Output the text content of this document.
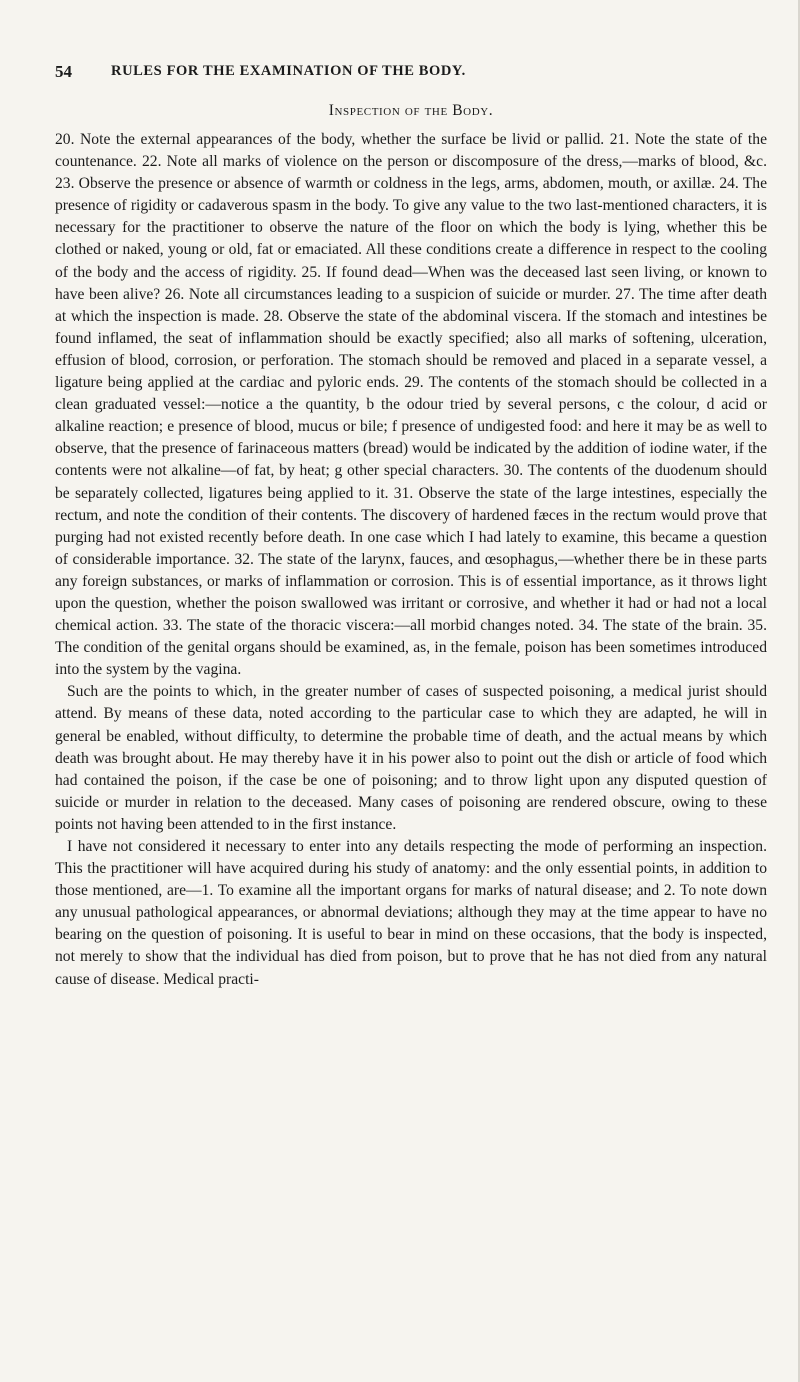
54	RULES FOR THE EXAMINATION OF THE BODY.
Inspection of the Body.

20. Note the external appearances of the body, whether the surface be livid or pallid. 21. Note the state of the countenance. 22. Note all marks of violence on the person or discomposure of the dress,—marks of blood, &c. 23. Observe the presence or absence of warmth or coldness in the legs, arms, abdomen, mouth, or axillæ. 24. The presence of rigidity or cadaverous spasm in the body. To give any value to the two last-mentioned characters, it is necessary for the practitioner to observe the nature of the floor on which the body is lying, whether this be clothed or naked, young or old, fat or emaciated. All these conditions create a difference in respect to the cooling of the body and the access of rigidity. 25. If found dead—When was the deceased last seen living, or known to have been alive? 26. Note all circumstances leading to a suspicion of suicide or murder. 27. The time after death at which the inspection is made. 28. Observe the state of the abdominal viscera. If the stomach and intestines be found inflamed, the seat of inflammation should be exactly specified; also all marks of softening, ulceration, effusion of blood, corrosion, or perforation. The stomach should be removed and placed in a separate vessel, a ligature being applied at the cardiac and pyloric ends. 29. The contents of the stomach should be collected in a clean graduated vessel:—notice a the quantity, b the odour tried by several persons, c the colour, d acid or alkaline reaction; e presence of blood, mucus or bile; f presence of undigested food: and here it may be as well to observe, that the presence of farinaceous matters (bread) would be indicated by the addition of iodine water, if the contents were not alkaline—of fat, by heat; g other special characters. 30. The contents of the duodenum should be separately collected, ligatures being applied to it. 31. Observe the state of the large intestines, especially the rectum, and note the condition of their contents. The discovery of hardened fæces in the rectum would prove that purging had not existed recently before death. In one case which I had lately to examine, this became a question of considerable importance. 32. The state of the larynx, fauces, and œsophagus,—whether there be in these parts any foreign substances, or marks of inflammation or corrosion. This is of essential importance, as it throws light upon the question, whether the poison swallowed was irritant or corrosive, and whether it had or had not a local chemical action. 33. The state of the thoracic viscera:—all morbid changes noted. 34. The state of the brain. 35. The condition of the genital organs should be examined, as, in the female, poison has been sometimes introduced into the system by the vagina.

Such are the points to which, in the greater number of cases of suspected poisoning, a medical jurist should attend. By means of these data, noted according to the particular case to which they are adapted, he will in general be enabled, without difficulty, to determine the probable time of death, and the actual means by which death was brought about. He may thereby have it in his power also to point out the dish or article of food which had contained the poison, if the case be one of poisoning; and to throw light upon any disputed question of suicide or murder in relation to the deceased. Many cases of poisoning are rendered obscure, owing to these points not having been attended to in the first instance.

I have not considered it necessary to enter into any details respecting the mode of performing an inspection. This the practitioner will have acquired during his study of anatomy: and the only essential points, in addition to those mentioned, are—1. To examine all the important organs for marks of natural disease; and 2. To note down any unusual pathological appearances, or abnormal deviations; although they may at the time appear to have no bearing on the question of poisoning. It is useful to bear in mind on these occasions, that the body is inspected, not merely to show that the individual has died from poison, but to prove that he has not died from any natural cause of disease. Medical practi-
